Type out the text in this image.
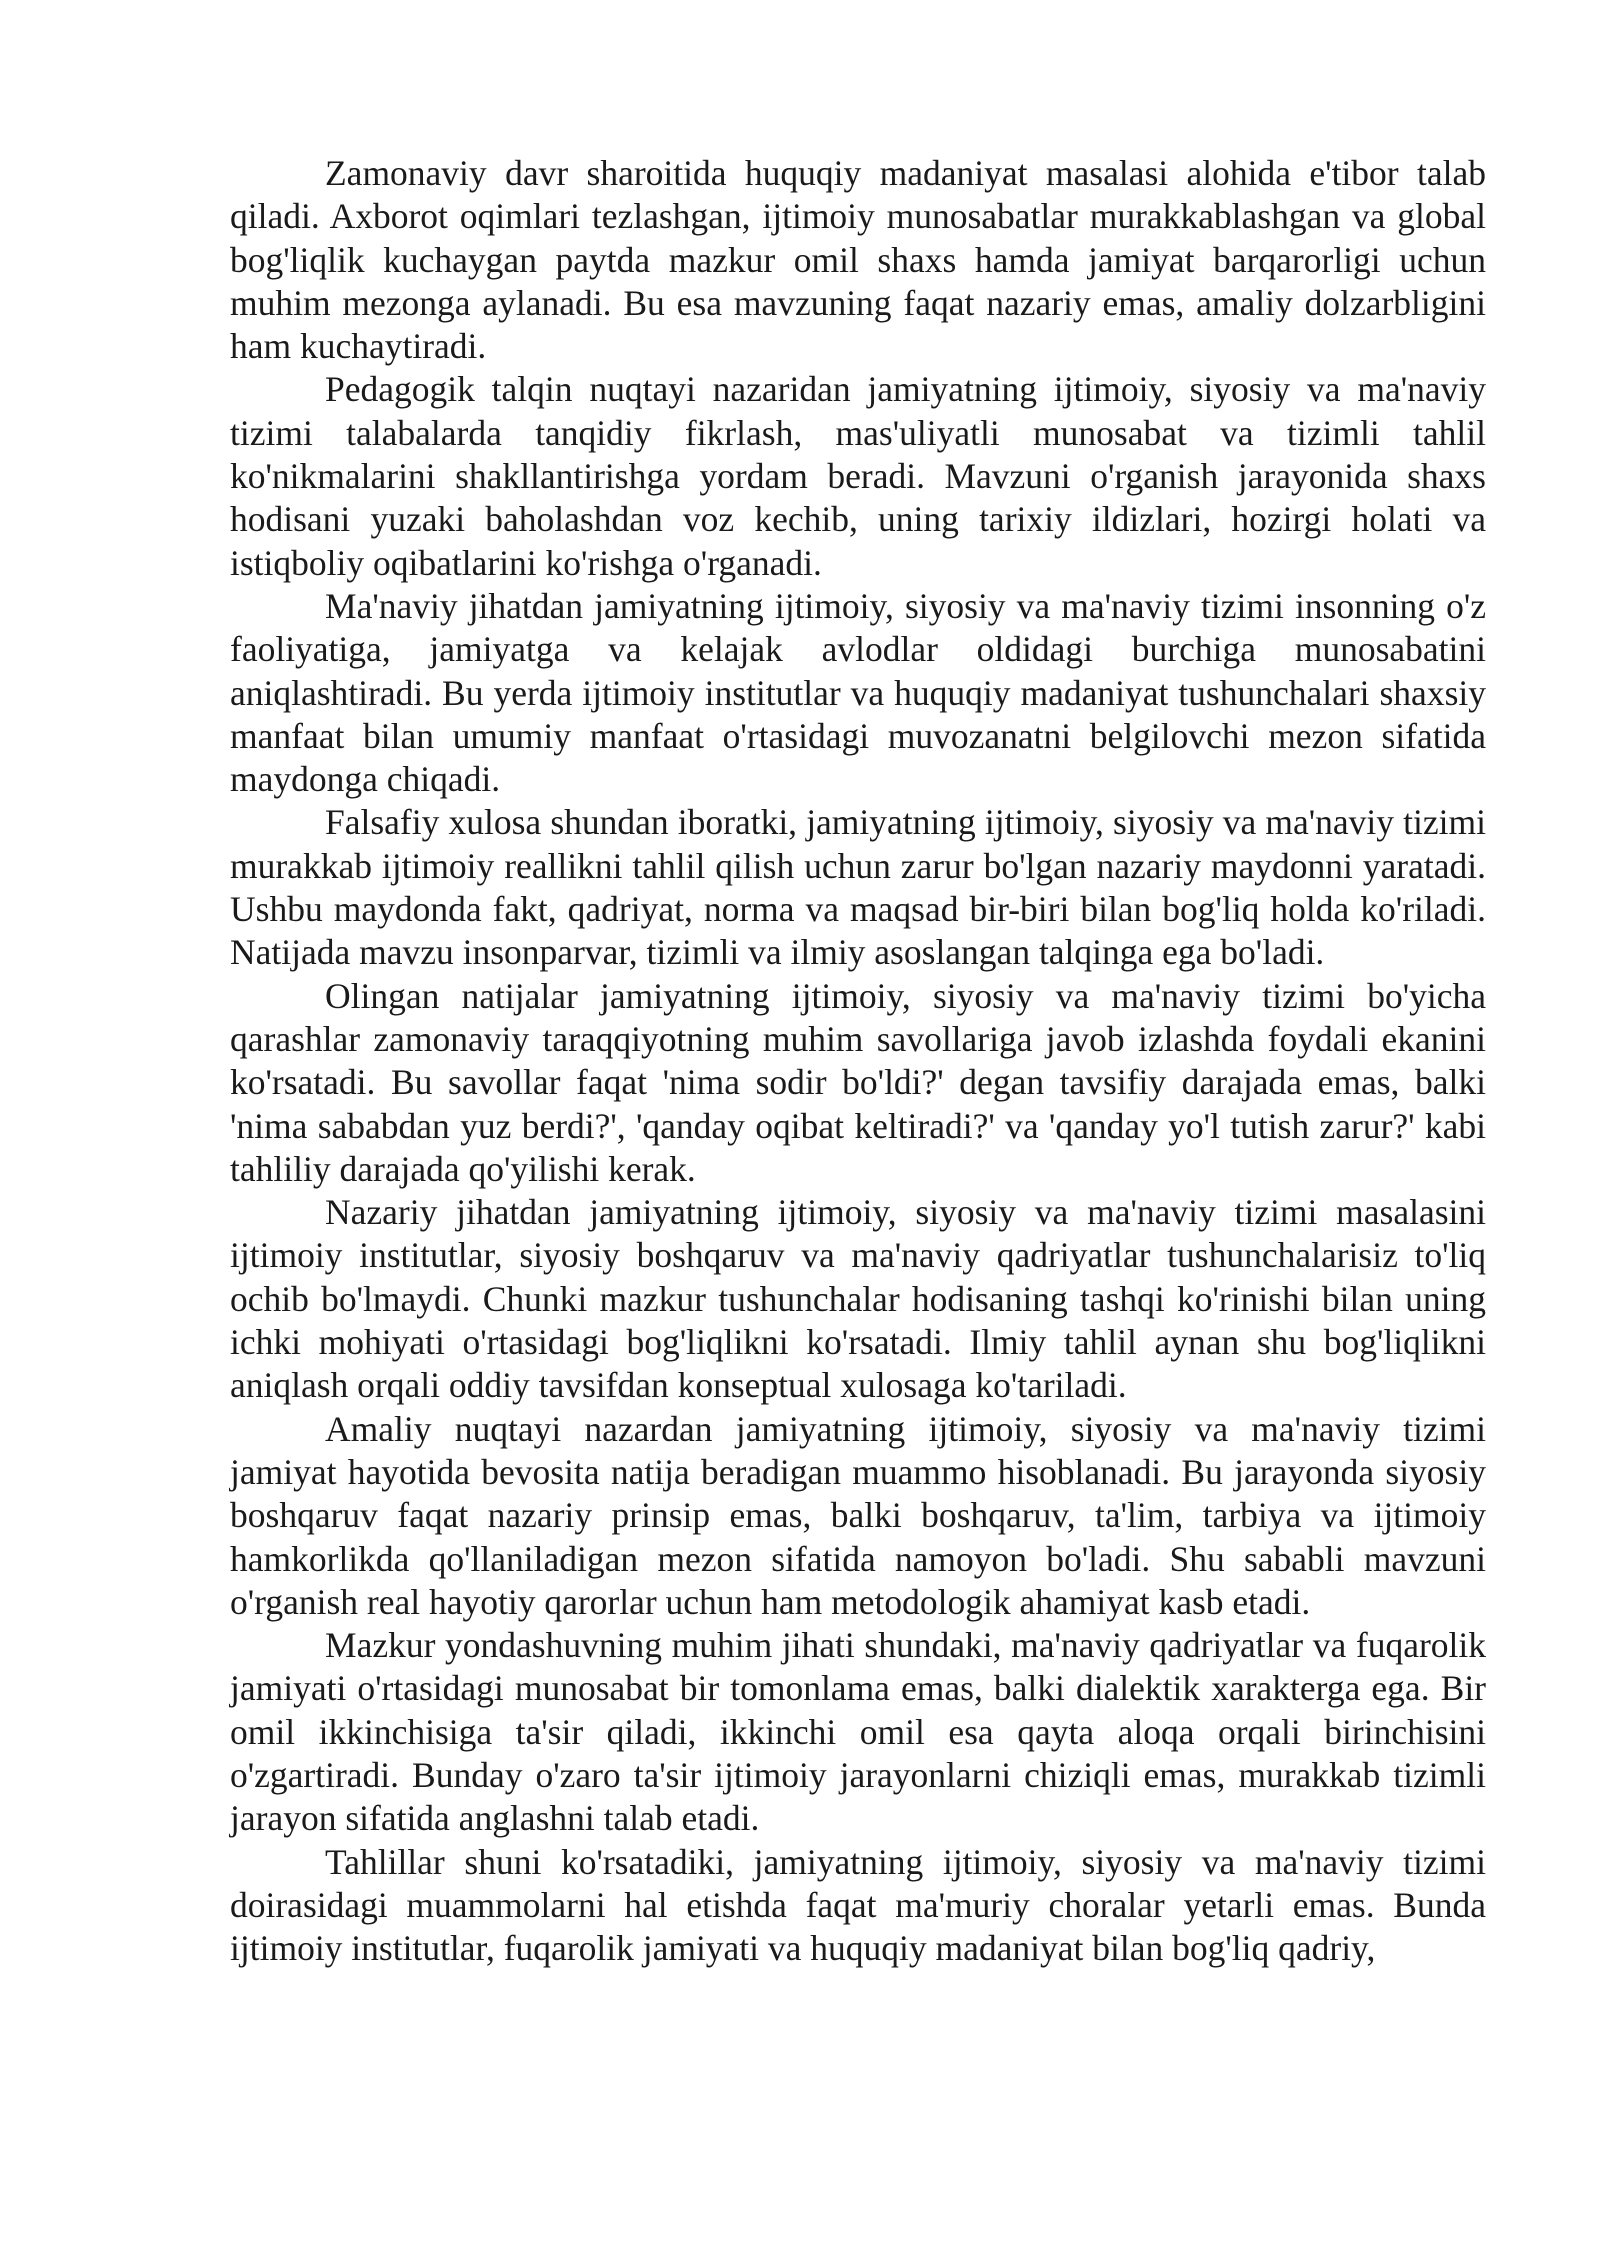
Zamonaviy davr sharoitida huquqiy madaniyat masalasi alohida e'tibor talab qiladi. Axborot oqimlari tezlashgan, ijtimoiy munosabatlar murakkablashgan va global bog'liqlik kuchaygan paytda mazkur omil shaxs hamda jamiyat barqarorligi uchun muhim mezonga aylanadi. Bu esa mavzuning faqat nazariy emas, amaliy dolzarbligini ham kuchaytiradi.

Pedagogik talqin nuqtayi nazaridan jamiyatning ijtimoiy, siyosiy va ma'naviy tizimi talabalarda tanqidiy fikrlash, mas'uliyatli munosabat va tizimli tahlil ko'nikmalarini shakllantirishga yordam beradi. Mavzuni o'rganish jarayonida shaxs hodisani yuzaki baholashdan voz kechib, uning tarixiy ildizlari, hozirgi holati va istiqboliy oqibatlarini ko'rishga o'rganadi.

Ma'naviy jihatdan jamiyatning ijtimoiy, siyosiy va ma'naviy tizimi insonning o'z faoliyatiga, jamiyatga va kelajak avlodlar oldidagi burchiga munosabatini aniqlashtiradi. Bu yerda ijtimoiy institutlar va huquqiy madaniyat tushunchalari shaxsiy manfaat bilan umumiy manfaat o'rtasidagi muvozanatni belgilovchi mezon sifatida maydonga chiqadi.

Falsafiy xulosa shundan iboratki, jamiyatning ijtimoiy, siyosiy va ma'naviy tizimi murakkab ijtimoiy reallikni tahlil qilish uchun zarur bo'lgan nazariy maydonni yaratadi. Ushbu maydonda fakt, qadriyat, norma va maqsad bir-biri bilan bog'liq holda ko'riladi. Natijada mavzu insonparvar, tizimli va ilmiy asoslangan talqinga ega bo'ladi.

Olingan natijalar jamiyatning ijtimoiy, siyosiy va ma'naviy tizimi bo'yicha qarashlar zamonaviy taraqqiyotning muhim savollariga javob izlashda foydali ekanini ko'rsatadi. Bu savollar faqat 'nima sodir bo'ldi?' degan tavsifiy darajada emas, balki 'nima sababdan yuz berdi?', 'qanday oqibat keltiradi?' va 'qanday yo'l tutish zarur?' kabi tahliliy darajada qo'yilishi kerak.

Nazariy jihatdan jamiyatning ijtimoiy, siyosiy va ma'naviy tizimi masalasini ijtimoiy institutlar, siyosiy boshqaruv va ma'naviy qadriyatlar tushunchalarisiz to'liq ochib bo'lmaydi. Chunki mazkur tushunchalar hodisaning tashqi ko'rinishi bilan uning ichki mohiyati o'rtasidagi bog'liqlikni ko'rsatadi. Ilmiy tahlil aynan shu bog'liqlikni aniqlash orqali oddiy tavsifdan konseptual xulosaga ko'tariladi.

Amaliy nuqtayi nazardan jamiyatning ijtimoiy, siyosiy va ma'naviy tizimi jamiyat hayotida bevosita natija beradigan muammo hisoblanadi. Bu jarayonda siyosiy boshqaruv faqat nazariy prinsip emas, balki boshqaruv, ta'lim, tarbiya va ijtimoiy hamkorlikda qo'llaniladigan mezon sifatida namoyon bo'ladi. Shu sababli mavzuni o'rganish real hayotiy qarorlar uchun ham metodologik ahamiyat kasb etadi.

Mazkur yondashuvning muhim jihati shundaki, ma'naviy qadriyatlar va fuqarolik jamiyati o'rtasidagi munosabat bir tomonlama emas, balki dialektik xarakterga ega. Bir omil ikkinchisiga ta'sir qiladi, ikkinchi omil esa qayta aloqa orqali birinchisini o'zgartiradi. Bunday o'zaro ta'sir ijtimoiy jarayonlarni chiziqli emas, murakkab tizimli jarayon sifatida anglashni talab etadi.

Tahlillar shuni ko'rsatadiki, jamiyatning ijtimoiy, siyosiy va ma'naviy tizimi doirasidagi muammolarni hal etishda faqat ma'muriy choralar yetarli emas. Bunda ijtimoiy institutlar, fuqarolik jamiyati va huquqiy madaniyat bilan bog'liq qadriy,
